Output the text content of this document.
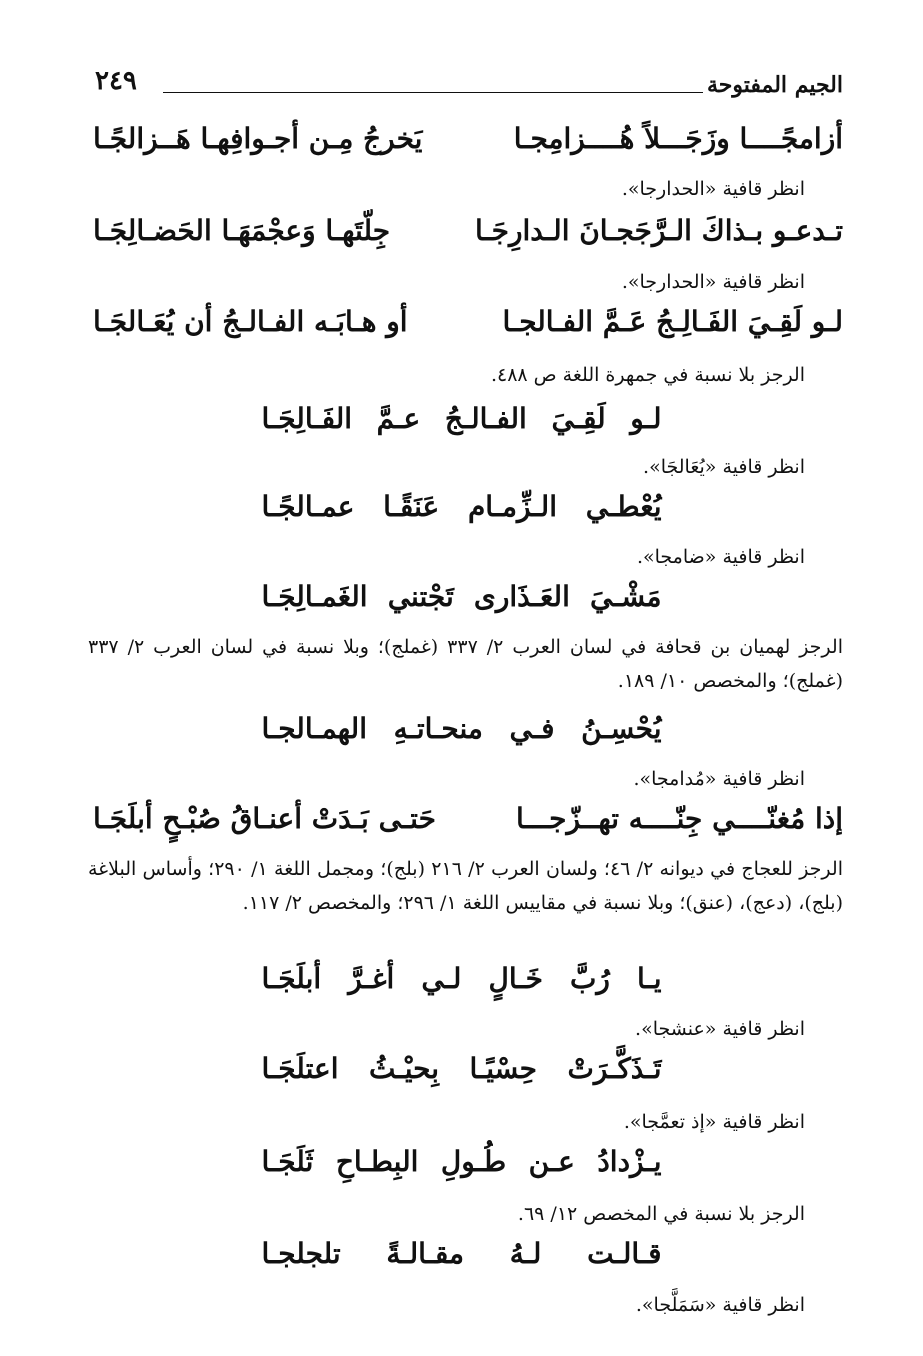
الجيم المفتوحة
٢٤٩
أزامجًــــا وزَجَـــلاً هُــــزامِجـا
يَخرجُ مِـن أجـوافِهـا هَــزالجًـا
انظر قافية «الحدارجا».
تـدعـو بـذاكَ الـرَّجَجـانَ الـدارِجَـا
جِلّتَهـا وَعجْمَهَـا الحَضـالِجَـا
انظر قافية «الحدارجا».
لـو لَقِـيَ الفَـالِـجُ عَـمَّ الفـالجـا
أو هـابَـه الفـالـجُ أن يُعَـالجَـا
الرجز بلا نسبة في جمهرة اللغة ص ٤٨٨.
لـو لَقِـيَ الفـالـجُ عـمَّ الفَـالِجَـا
انظر قافية «يُعَالجَا».
يُعْطـي الـزِّمـام عَنَقًـا عمـالجًـا
انظر قافية «ضامجا».
مَشْـيَ العَـذَارى تَجْتني الغَمـالِجَـا
الرجز لهميان بن قحافة في لسان العرب ٢/ ٣٣٧ (غملج)؛ وبلا نسبة في لسان العرب ٢/ ٣٣٧ (غملج)؛ والمخصص ١٠/ ١٨٩.
يُحْسِـنُ فـي منحـاتـهِ الهمـالجـا
انظر قافية «مُدامجا».
إذا مُغنّــــي جِنّــــه تهــزّجـــا
حَتـى بَـدَتْ أعنـاقُ صُبْـحٍ أبلَجَـا
الرجز للعجاج في ديوانه ٢/ ٤٦؛ ولسان العرب ٢/ ٢١٦ (بلج)؛ ومجمل اللغة ١/ ٢٩٠؛ وأساس البلاغة (بلج)، (دعج)، (عنق)؛ وبلا نسبة في مقاييس اللغة ١/ ٢٩٦؛ والمخصص ٢/ ١١٧.
يـا رُبَّ خَـالٍ لـي أغـرَّ أبلَجَـا
انظر قافية «عنشجا».
تَـذَكَّـرَتْ حِسْيًـا بِحيْـثُ اعتلَجَـا
انظر قافية «إذ تعمَّجا».
يـزْدادُ عـن طُـولِ البِطـاحِ ثَلَجَـا
الرجز بلا نسبة في المخصص ١٢/ ٦٩.
قـالـت لـهُ مقـالـةً تلجلجـا
انظر قافية «سَمَلَّجا».
